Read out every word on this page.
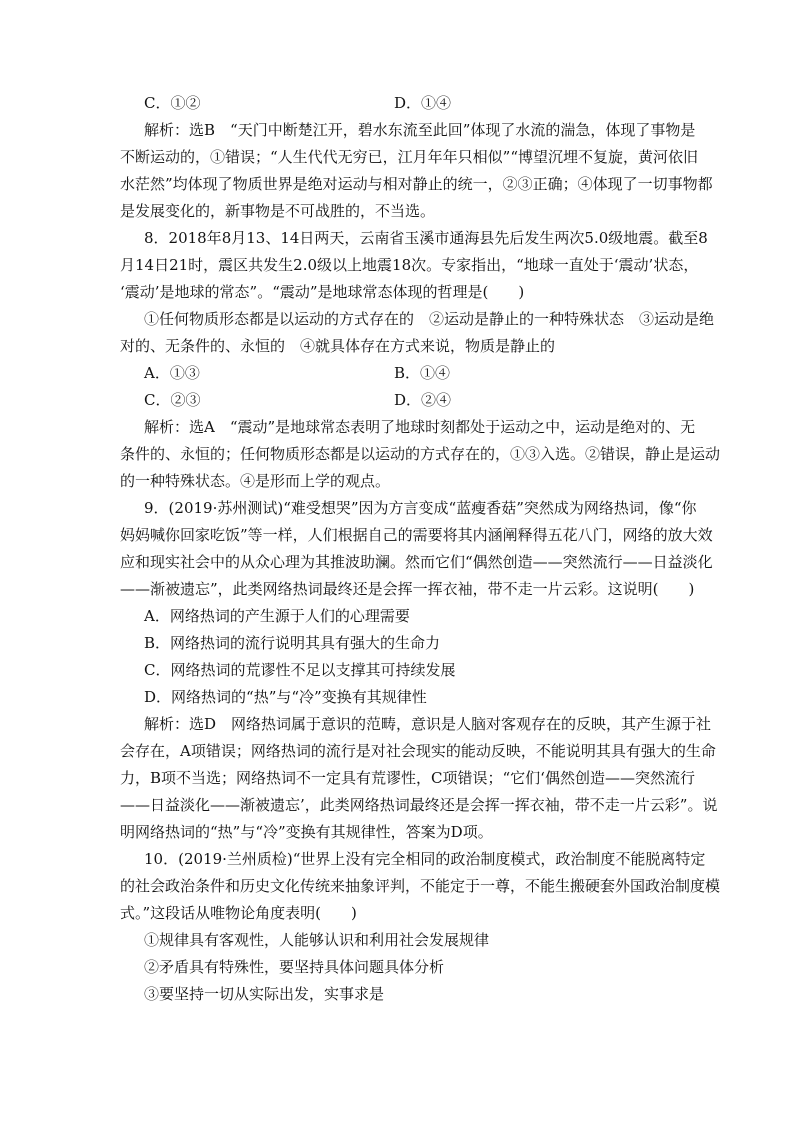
C．①②	D．①④
解析：选B　“天门中断楚江开，碧水东流至此回”体现了水流的湍急，体现了事物是
不断运动的，①错误；“人生代代无穷已，江月年年只相似”“博望沉埋不复旋，黄河依旧
水茫然”均体现了物质世界是绝对运动与相对静止的统一，②③正确；④体现了一切事物都
是发展变化的，新事物是不可战胜的，不当选。
8．2018年8月13、14日两天，云南省玉溪市通海县先后发生两次5.0级地震。截至8
月14日21时，震区共发生2.0级以上地震18次。专家指出，“地球一直处于‘震动’状态，
‘震动’是地球的常态”。“震动”是地球常态体现的哲理是(　　)
①任何物质形态都是以运动的方式存在的　②运动是静止的一种特殊状态　③运动是绝
对的、无条件的、永恒的　④就具体存在方式来说，物质是静止的
A．①③	B．①④
C．②③	D．②④
解析：选A　“震动”是地球常态表明了地球时刻都处于运动之中，运动是绝对的、无
条件的、永恒的；任何物质形态都是以运动的方式存在的，①③入选。②错误，静止是运动
的一种特殊状态。④是形而上学的观点。
9．(2019·苏州测试)“难受想哭”因为方言变成“蓝瘦香菇”突然成为网络热词，像“你
妈妈喊你回家吃饭”等一样，人们根据自己的需要将其内涵阐释得五花八门，网络的放大效
应和现实社会中的从众心理为其推波助澜。然而它们“偶然创造——突然流行——日益淡化
——渐被遗忘”，此类网络热词最终还是会挥一挥衣袖，带不走一片云彩。这说明(　　)
A．网络热词的产生源于人们的心理需要
B．网络热词的流行说明其具有强大的生命力
C．网络热词的荒谬性不足以支撑其可持续发展
D．网络热词的“热”与“冷”变换有其规律性
解析：选D　网络热词属于意识的范畴，意识是人脑对客观存在的反映，其产生源于社
会存在，A项错误；网络热词的流行是对社会现实的能动反映，不能说明其具有强大的生命
力，B项不当选；网络热词不一定具有荒谬性，C项错误；“它们‘偶然创造——突然流行
——日益淡化——渐被遗忘’，此类网络热词最终还是会挥一挥衣袖，带不走一片云彩”。说
明网络热词的“热”与“冷”变换有其规律性，答案为D项。
10．(2019·兰州质检)“世界上没有完全相同的政治制度模式，政治制度不能脱离特定
的社会政治条件和历史文化传统来抽象评判，不能定于一尊，不能生搬硬套外国政治制度模
式。”这段话从唯物论角度表明(　　)
①规律具有客观性，人能够认识和利用社会发展规律
②矛盾具有特殊性，要坚持具体问题具体分析
③要坚持一切从实际出发，实事求是
